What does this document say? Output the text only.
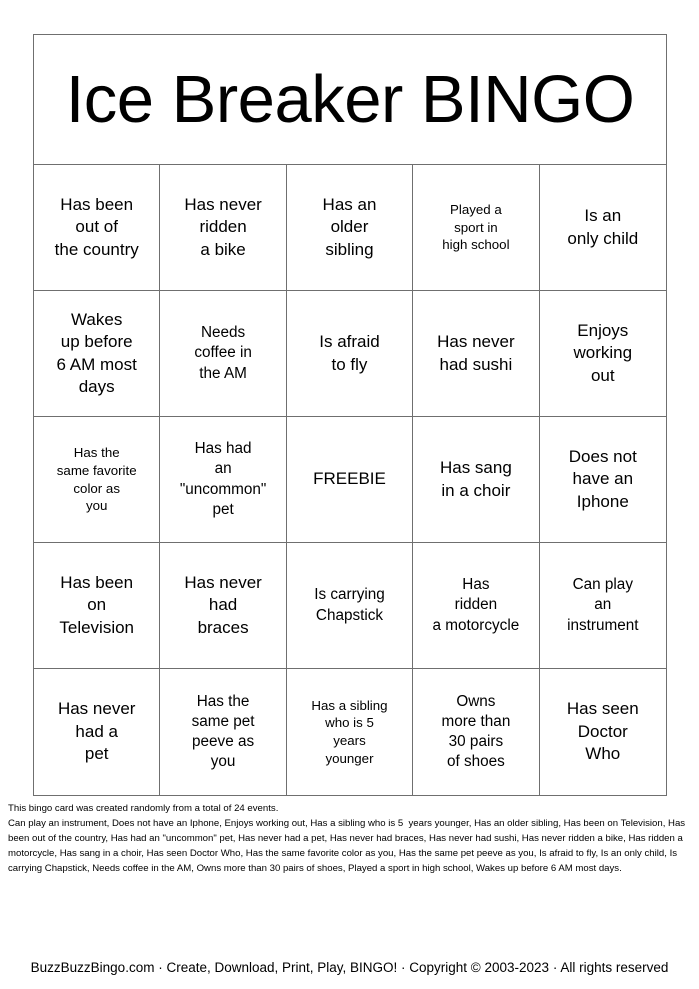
Ice Breaker BINGO
Has been
out of
the country
Has never
ridden
a bike
Has an
older
sibling
Played a
sport in
high school
Is an
only child
Wakes
up before
6 AM most
days
Needs
coffee in
the AM
Is afraid
to fly
Has never
had sushi
Enjoys
working
out
Has the
same favorite
color as
you
Has had
an
"uncommon"
pet
FREEBIE
Has sang
in a choir
Does not
have an
Iphone
Has been
on
Television
Has never
had
braces
Is carrying
Chapstick
Has
ridden
a motorcycle
Can play
an
instrument
Has never
had a
pet
Has the
same pet
peeve as
you
Has a sibling
who is 5
years
younger
Owns
more than
30 pairs
of shoes
Has seen
Doctor
Who
This bingo card was created randomly from a total of 24 events.
Can play an instrument, Does not have an Iphone, Enjoys working out, Has a sibling who is 5  years younger, Has an older sibling, Has been on Television, Has been out of the country, Has had an "uncommon" pet, Has never had a pet, Has never had braces, Has never had sushi, Has never ridden a bike, Has ridden a motorcycle, Has sang in a choir, Has seen Doctor Who, Has the same favorite color as you, Has the same pet peeve as you, Is afraid to fly, Is an only child, Is carrying Chapstick, Needs coffee in the AM, Owns more than 30 pairs of shoes, Played a sport in high school, Wakes up before 6 AM most days.
BuzzBuzzBingo.com · Create, Download, Print, Play, BINGO! · Copyright © 2003-2023 · All rights reserved
